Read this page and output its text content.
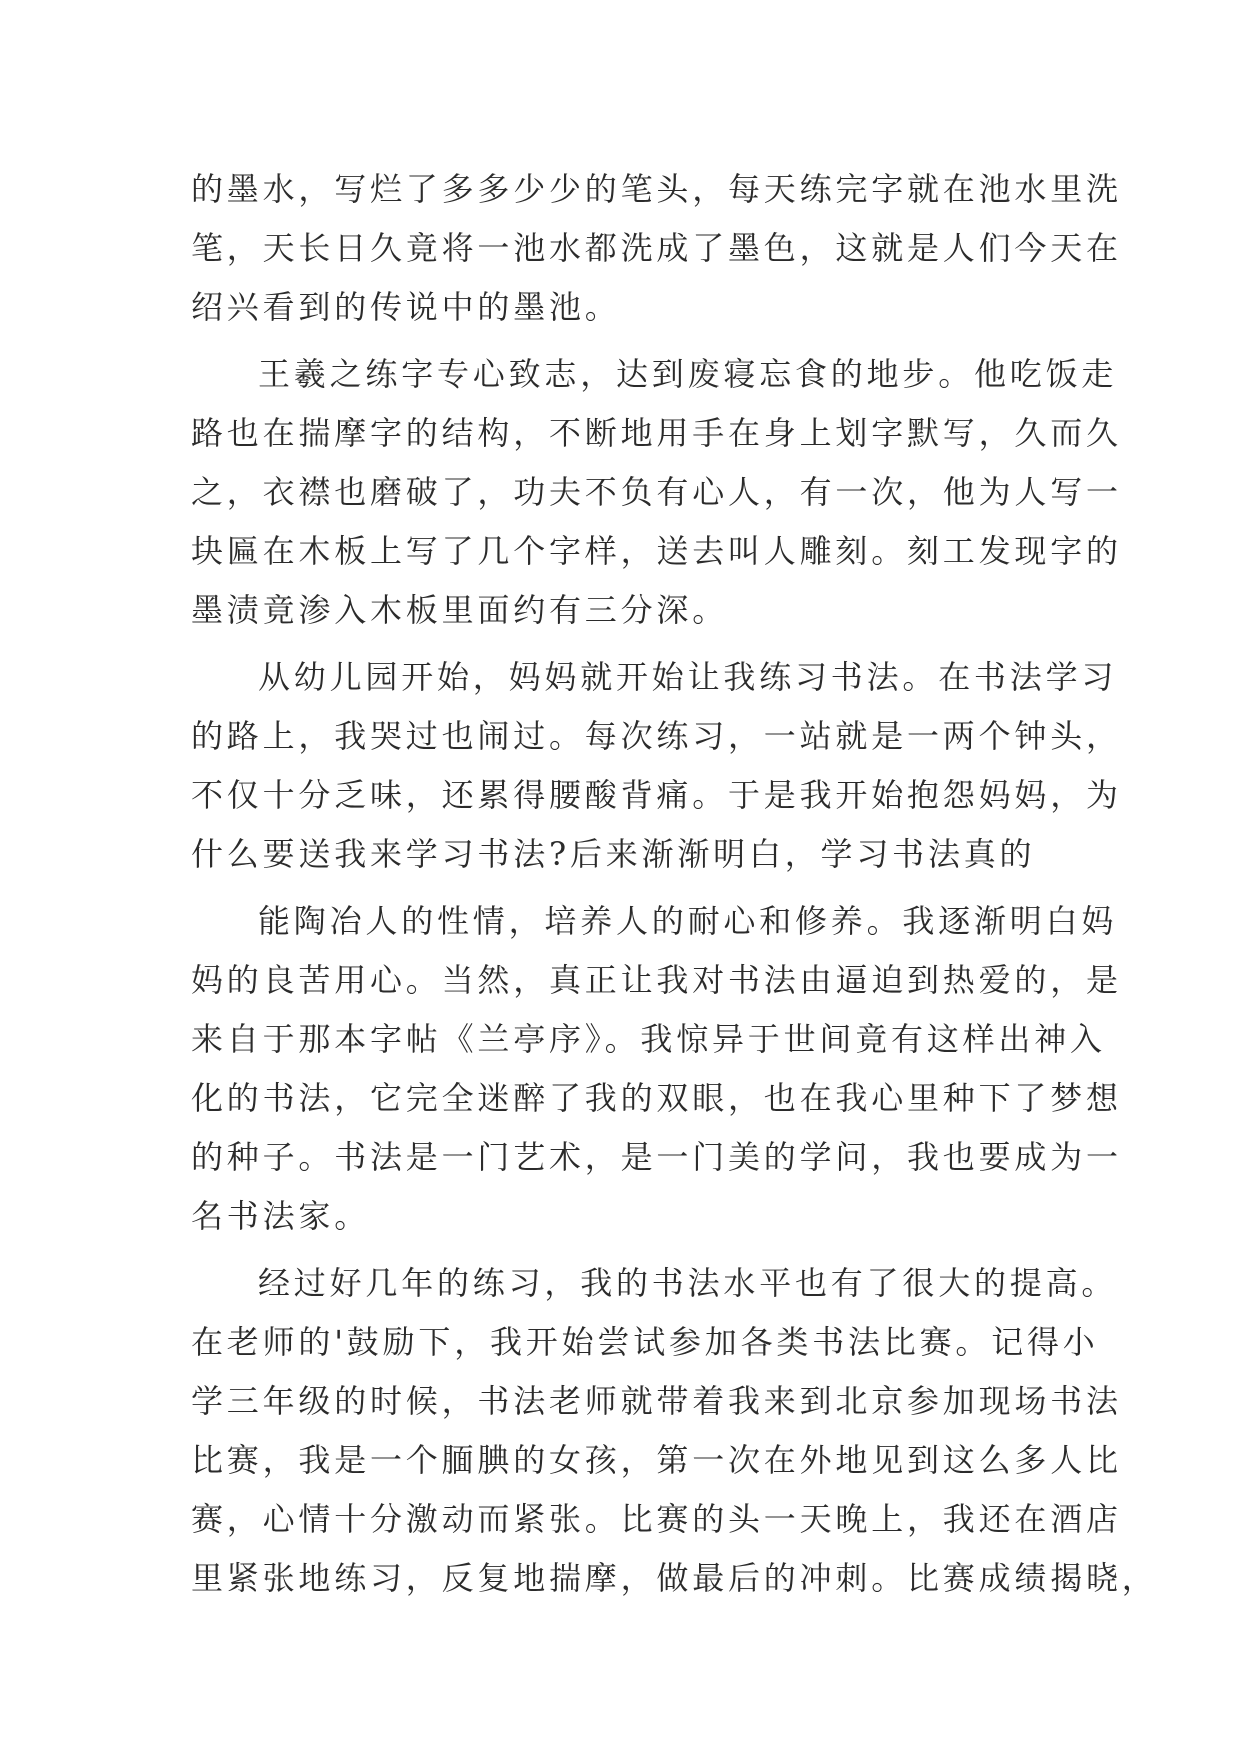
的墨水，写烂了多多少少的笔头，每天练完字就在池水里洗
笔，天长日久竟将一池水都洗成了墨色，这就是人们今天在
绍兴看到的传说中的墨池。
王羲之练字专心致志，达到废寝忘食的地步。他吃饭走
路也在揣摩字的结构，不断地用手在身上划字默写，久而久
之，衣襟也磨破了，功夫不负有心人，有一次，他为人写一
块匾在木板上写了几个字样，送去叫人雕刻。刻工发现字的
墨渍竟渗入木板里面约有三分深。
从幼儿园开始，妈妈就开始让我练习书法。在书法学习
的路上，我哭过也闹过。每次练习，一站就是一两个钟头，
不仅十分乏味，还累得腰酸背痛。于是我开始抱怨妈妈，为
什么要送我来学习书法?后来渐渐明白，学习书法真的
能陶冶人的性情，培养人的耐心和修养。我逐渐明白妈
妈的良苦用心。当然，真正让我对书法由逼迫到热爱的，是
来自于那本字帖《兰亭序》。我惊异于世间竟有这样出神入
化的书法，它完全迷醉了我的双眼，也在我心里种下了梦想
的种子。书法是一门艺术，是一门美的学问，我也要成为一
名书法家。
经过好几年的练习，我的书法水平也有了很大的提高。
在老师的'鼓励下，我开始尝试参加各类书法比赛。记得小
学三年级的时候，书法老师就带着我来到北京参加现场书法
比赛，我是一个腼腆的女孩，第一次在外地见到这么多人比
赛，心情十分激动而紧张。比赛的头一天晚上，我还在酒店
里紧张地练习，反复地揣摩，做最后的冲刺。比赛成绩揭晓，
